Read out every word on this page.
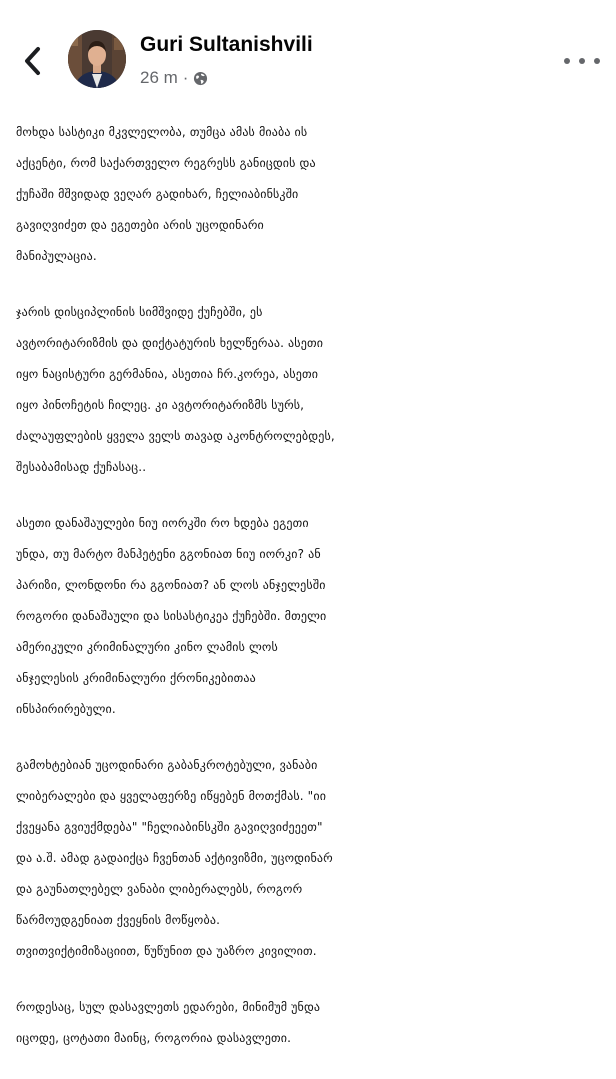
Guri Sultanishvili
26 m ·

მოხდა სასტიკი მკვლელობა, თუმცა ამას მიაბა ის
აქცენტი, რომ საქართველო რეგრესს განიცდის და
ქუჩაში მშვიდად ვეღარ გადიხარ, ჩელიაბინსკში
გავიღვიძეთ და ეგეთები არის უცოდინარი
მანიპულაცია.

ჯარის დისციპლინის სიმშვიდე ქუჩებში, ეს
ავტორიტარიზმის და დიქტატურის ხელწერაა. ასეთი
იყო ნაცისტური გერმანია, ასეთია ჩრ.კორეა, ასეთი
იყო პინოჩეტის ჩილეც. კი ავტორიტარიზმს სურს,
ძალაუფლების ყველა ველს თავად აკონტროლებდეს,
შესაბამისად ქუჩასაც..

ასეთი დანაშაულები ნიუ იორკში რო ხდება ეგეთი
უნდა, თუ მარტო მანჰეტენი გგონიათ ნიუ იორკი? ან
პარიზი, ლონდონი რა გგონიათ? ან ლოს ანჯელესში
როგორი დანაშაული და სისასტიკეა ქუჩებში. მთელი
ამერიკული კრიმინალური კინო ლამის ლოს
ანჯელესის კრიმინალური ქრონიკებითაა
ინსპირირებული.

გამოხტებიან უცოდინარი გაბანკროტებული, ვანაბი
ლიბერალები და ყველაფერზე იწყებენ მოთქმას. "იი
ქვეყანა გვიუქმდება" "ჩელიაბინსკში გავიღვიძეეეთ"
და ა.შ. ამად გადაიქცა ჩვენთან აქტივიზმი, უცოდინარ
და გაუნათლებელ ვანაბი ლიბერალებს, როგორ
წარმოუდგენიათ ქვეყნის მოწყობა.
თვითვიქტიმიზაციით, წუწუნით და უაზრო კივილით.

როდესაც, სულ დასავლეთს ედარები, მინიმუმ უნდა
იცოდე, ცოტათი მაინც, როგორია დასავლეთი.
